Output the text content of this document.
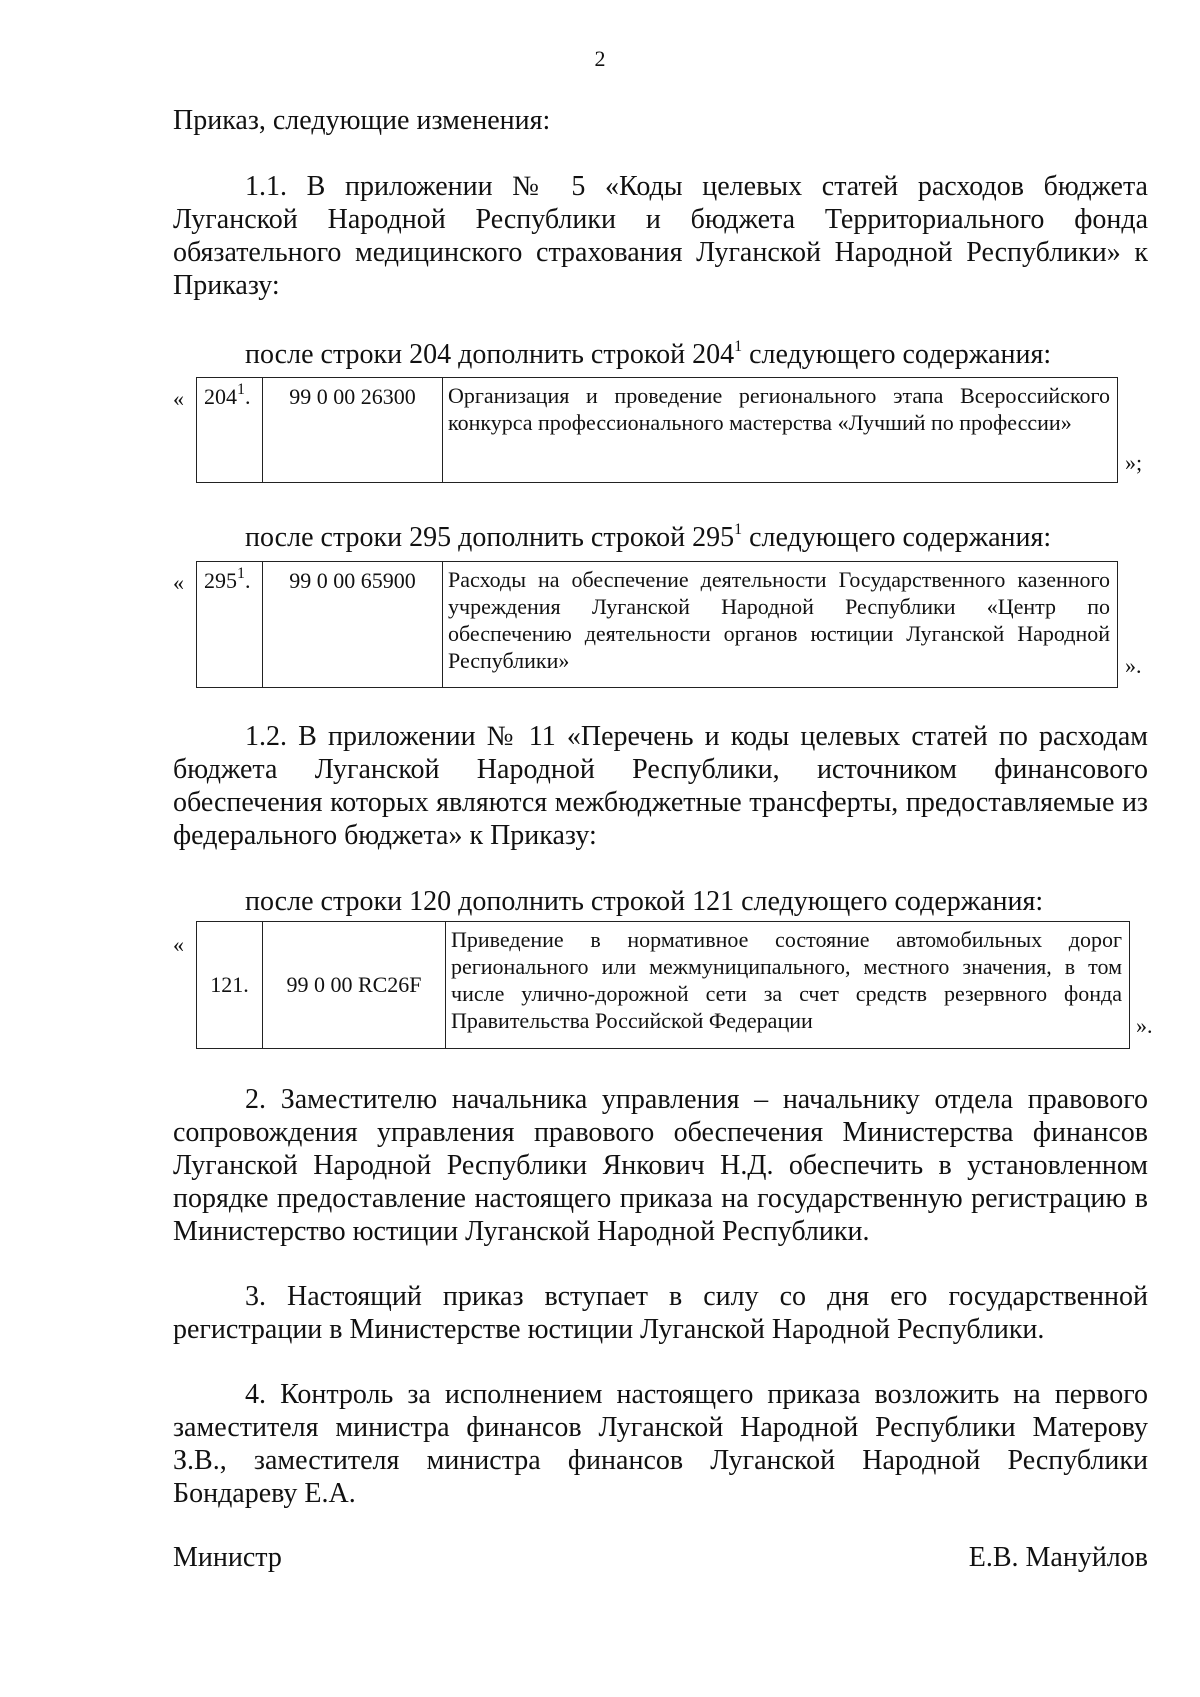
2
Приказ, следующие изменения:
1.1. В приложении № 5 «Коды целевых статей расходов бюджета Луганской Народной Республики и бюджета Территориального фонда обязательного медицинского страхования Луганской Народной Республики» к Приказу:
после строки 204 дополнить строкой $204^1$ следующего содержания:
« $204^1$.	99 0 00 26300	Организация и проведение регионального этапа Всероссийского конкурса профессионального мастерства «Лучший по профессии»
»;
после строки 295 дополнить строкой $295^1$ следующего содержания:
« $295^1$.	99 0 00 65900	Расходы на обеспечение деятельности Государственного казенного учреждения Луганской Народной Республики «Центр по обеспечению деятельности органов юстиции Луганской Народной Республики»	».
1.2. В приложении № 11 «Перечень и коды целевых статей по расходам бюджета Луганской Народной Республики, источником финансового обеспечения которых являются межбюджетные трансферты, предоставляемые из федерального бюджета» к Приказу:
после строки 120 дополнить строкой 121 следующего содержания:
«
121.	99 0 00 RC26F	Приведение в нормативное состояние автомобильных дорог регионального или межмуниципального, местного значения, в том числе улично-дорожной сети за счет средств резервного фонда Правительства Российской Федерации	».
2. Заместителю начальника управления – начальнику отдела правового сопровождения управления правового обеспечения Министерства финансов Луганской Народной Республики Янкович Н.Д. обеспечить в установленном порядке предоставление настоящего приказа на государственную регистрацию в Министерство юстиции Луганской Народной Республики.
3. Настоящий приказ вступает в силу со дня его государственной регистрации в Министерстве юстиции Луганской Народной Республики.
4. Контроль за исполнением настоящего приказа возложить на первого заместителя министра финансов Луганской Народной Республики Матерову З.В., заместителя министра финансов Луганской Народной Республики Бондареву Е.А.
Министр	Е.В. Мануйлов
